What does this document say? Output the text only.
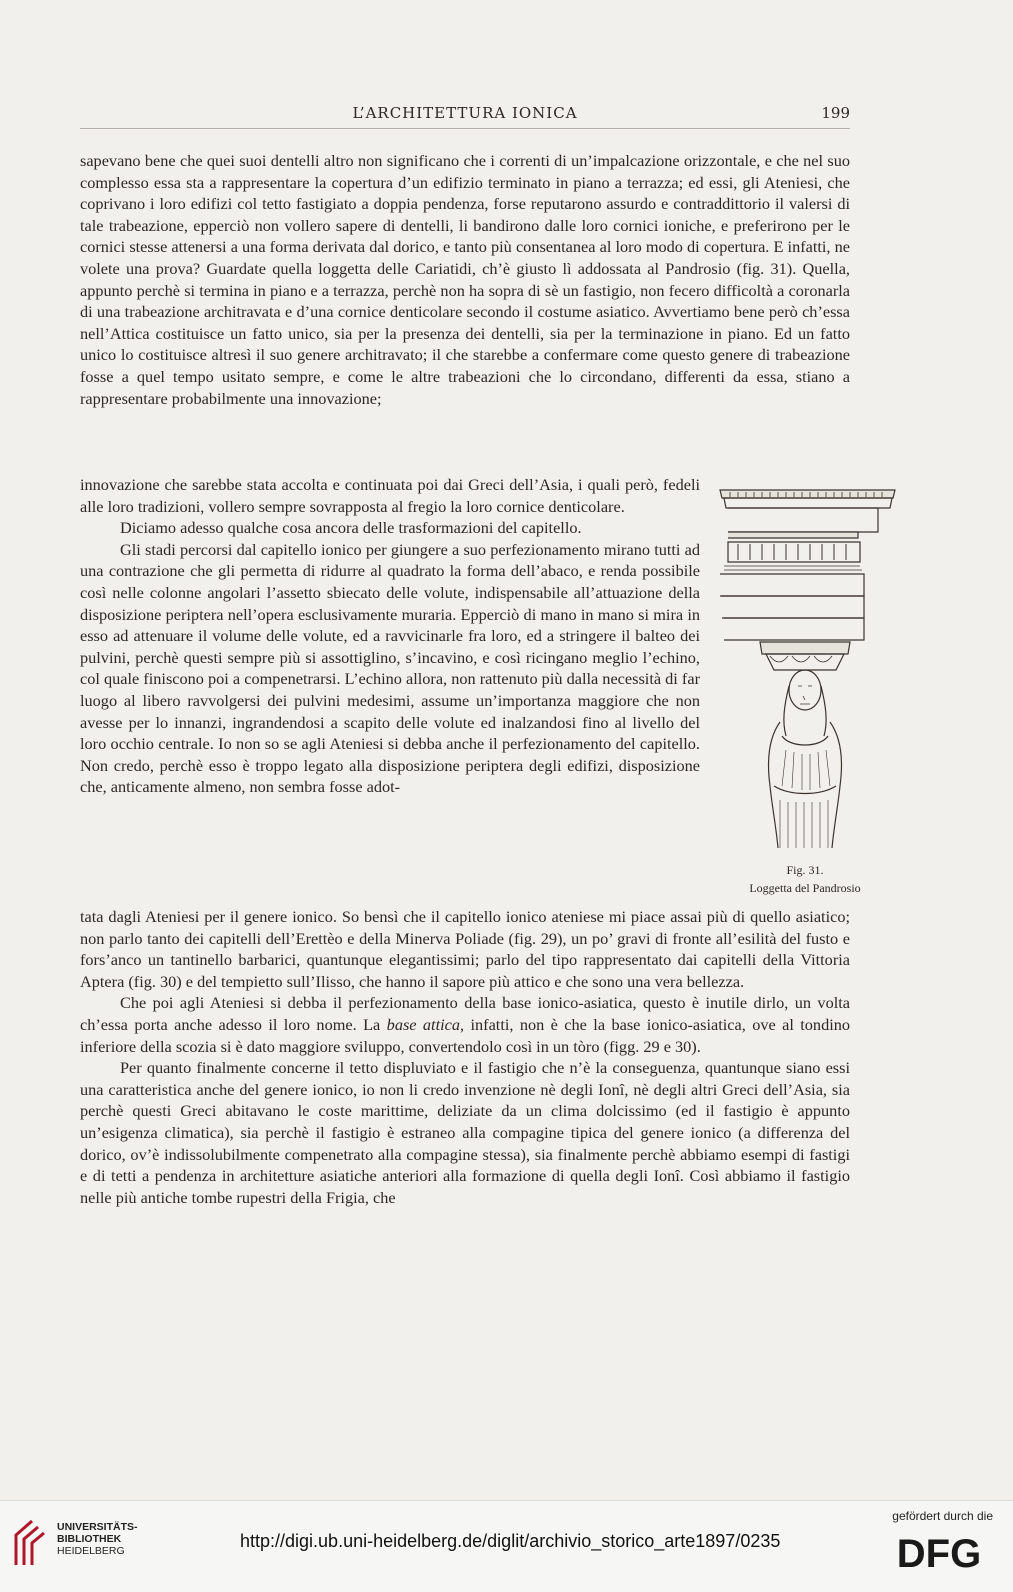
L’ARCHITETTURA IONICA	199

sapevano bene che quei suoi dentelli altro non significano che i correnti di un’impalcazione orizzontale, e che nel suo complesso essa sta a rappresentare la copertura d’un edifizio terminato in piano a terrazza; ed essi, gli Ateniesi, che coprivano i loro edifizi col tetto fastigiato a doppia pendenza, forse reputarono assurdo e contraddittorio il valersi di tale trabeazione, epperciò non vollero sapere di dentelli, li bandirono dalle loro cornici ioniche, e preferirono per le cornici stesse attenersi a una forma derivata dal dorico, e tanto più consentanea al loro modo di copertura. E infatti, ne volete una prova? Guardate quella loggetta delle Cariatidi, ch’è giusto lì addossata al Pandrosio (fig. 31). Quella, appunto perchè si termina in piano e a terrazza, perchè non ha sopra di sè un fastigio, non fecero difficoltà a coronarla di una trabeazione architravata e d’una cornice denticolare secondo il costume asiatico. Avvertiamo bene però ch’essa nell’Attica costituisce un fatto unico, sia per la presenza dei dentelli, sia per la terminazione in piano. Ed un fatto unico lo costituisce altresì il suo genere architravato; il che starebbe a confermare come questo genere di trabeazione fosse a quel tempo usitato sempre, e come le altre trabeazioni che lo circondano, differenti da essa, stiano a rappresentare probabilmente una innovazione;

innovazione che sarebbe stata accolta e continuata poi dai Greci dell’Asia, i quali però, fedeli alle loro tradizioni, vollero sempre sovrapposta al fregio la loro cornice denticolare.

Diciamo adesso qualche cosa ancora delle trasformazioni del capitello.

Gli stadi percorsi dal capitello ionico per giungere a suo perfezionamento mirano tutti ad una contrazione che gli permetta di ridurre al quadrato la forma dell’abaco, e renda possibile così nelle colonne angolari l’assetto sbiecato delle volute, indispensabile all’attuazione della disposizione periptera nell’opera esclusivamente muraria. Epperciò di mano in mano si mira in esso ad attenuare il volume delle volute, ed a ravvicinarle fra loro, ed a stringere il balteo dei pulvini, perchè questi sempre più si assottiglino, s’incavino, e così ricingano meglio l’echino, col quale finiscono poi a compenetrarsi. L’echino allora, non rattenuto più dalla necessità di far luogo al libero ravvolgersi dei pulvini medesimi, assume un’importanza maggiore che non avesse per lo innanzi, ingrandendosi a scapito delle volute ed inalzandosi fino al livello del loro occhio centrale. Io non so se agli Ateniesi si debba anche il perfezionamento del capitello. Non credo, perchè esso è troppo legato alla disposizione periptera degli edifizi, disposizione che, anticamente almeno, non sembra fosse adot-

Fig. 31.
Loggetta del Pandrosio

tata dagli Ateniesi per il genere ionico. So bensì che il capitello ionico ateniese mi piace assai più di quello asiatico; non parlo tanto dei capitelli dell’Erettèo e della Minerva Poliade (fig. 29), un po’ gravi di fronte all’esilità del fusto e fors’anco un tantinello barbarici, quantunque elegantissimi; parlo del tipo rappresentato dai capitelli della Vittoria Aptera (fig. 30) e del tempietto sull’Ilisso, che hanno il sapore più attico e che sono una vera bellezza.

Che poi agli Ateniesi si debba il perfezionamento della base ionico-asiatica, questo è inutile dirlo, un volta ch’essa porta anche adesso il loro nome. La base attica, infatti, non è che la base ionico-asiatica, ove al tondino inferiore della scozia si è dato maggiore sviluppo, convertendolo così in un tòro (figg. 29 e 30).

Per quanto finalmente concerne il tetto displuviato e il fastigio che n’è la conseguenza, quantunque siano essi una caratteristica anche del genere ionico, io non li credo invenzione nè degli Ionî, nè degli altri Greci dell’Asia, sia perchè questi Greci abitavano le coste marittime, deliziate da un clima dolcissimo (ed il fastigio è appunto un’esigenza climatica), sia perchè il fastigio è estraneo alla compagine tipica del genere ionico (a differenza del dorico, ov’è indissolubilmente compenetrato alla compagine stessa), sia finalmente perchè abbiamo esempi di fastigi e di tetti a pendenza in architetture asiatiche anteriori alla formazione di quella degli Ionî. Così abbiamo il fastigio nelle più antiche tombe rupestri della Frigia, che

UNIVERSITÄTS-
BIBLIOTHEK
HEIDELBERG	http://digi.ub.uni-heidelberg.de/diglit/archivio_storico_arte1897/0235
gefördert durch die
DFG
